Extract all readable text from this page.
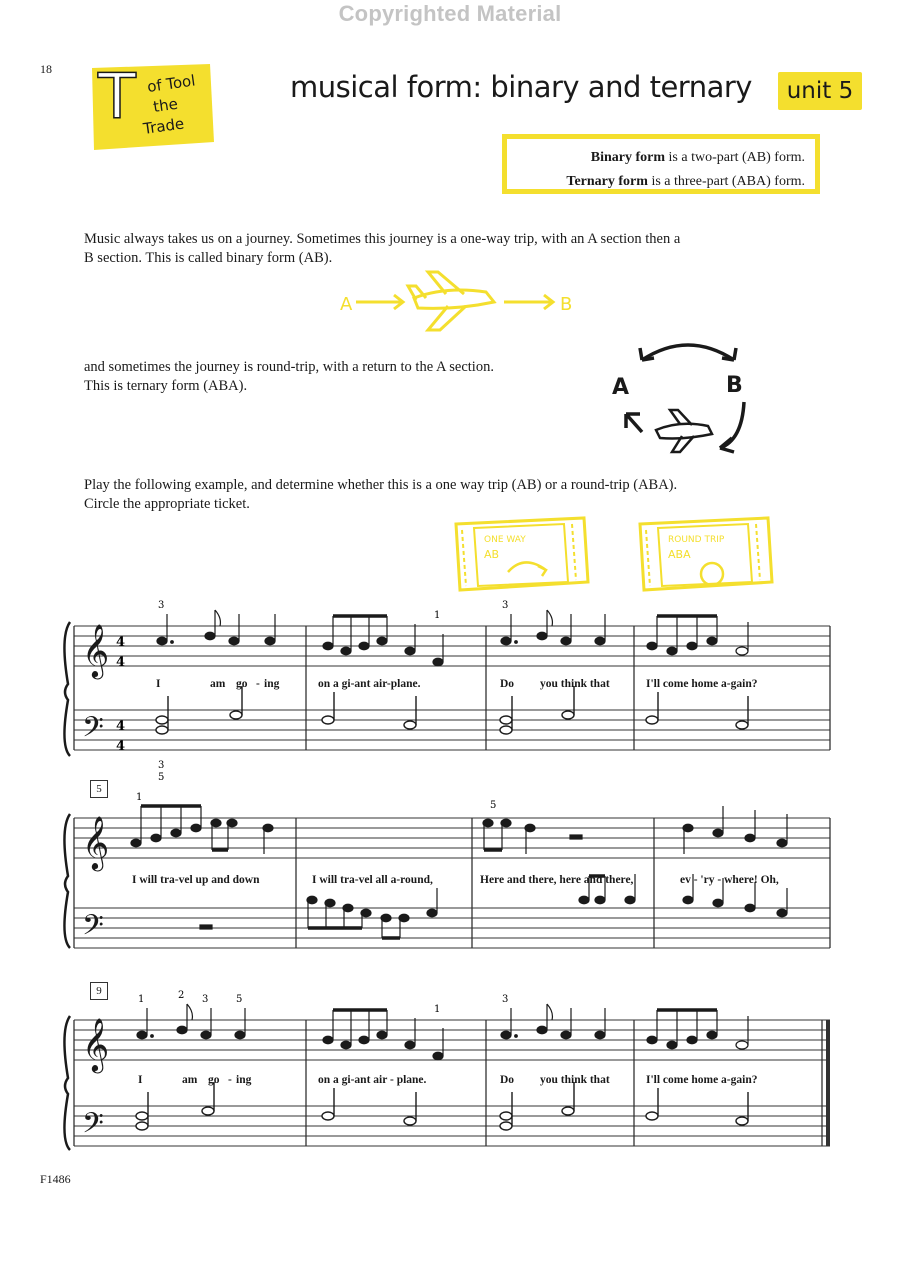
Copyrighted Material
18 T of Tool
the
Trade
musical form: binary and ternary	unit 5
Binary form is a two-part (AB) form.
Ternary form is a three-part (ABA) form.
Music always takes us on a journey. Sometimes this journey is a one-way trip, with an A section then a
B section. This is called binary form (AB).
A	B
and sometimes the journey is round-trip, with a return to the A section.
This is ternary form (ABA).	A	B
Play the following example, and determine whether this is a one way trip (AB) or a round-trip (ABA).
Circle the appropriate ticket.
ONE WAY
AB
ROUND TRIP
ABA
𝄞
𝄢
4
4
4
4
3
1
3
3
5
I	am go - ing	on a gi-ant air-plane.	Do you think that	I'll come home a-gain?
5
𝄞
𝄢
1
5
I will tra-vel up and down	I will tra-vel all a-round,	Here and there, here and there,	ev - 'ry - where! Oh,
9
𝄞
𝄢
1	2 3	5
1
3
I	am go - ing	on a gi-ant air - plane.	Do you think that	I'll come home a-gain?
F1486
